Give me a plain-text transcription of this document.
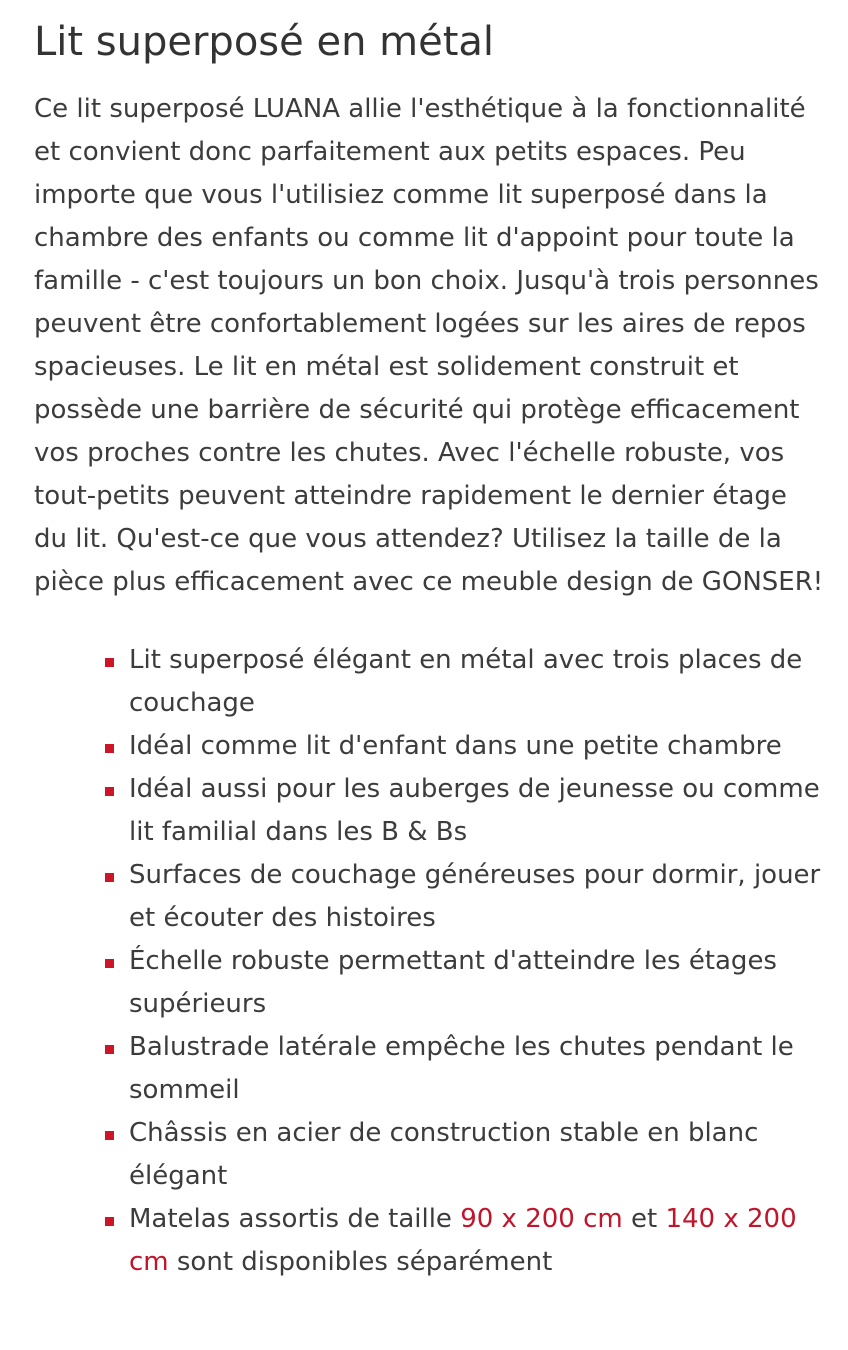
Lit superposé en métal

Ce lit superposé LUANA allie l'esthétique à la fonctionnalité et convient donc parfaitement aux petits espaces. Peu importe que vous l'utilisiez comme lit superposé dans la chambre des enfants ou comme lit d'appoint pour toute la famille - c'est toujours un bon choix. Jusqu'à trois personnes peuvent être confortablement logées sur les aires de repos spacieuses. Le lit en métal est solidement construit et possède une barrière de sécurité qui protège efficacement vos proches contre les chutes. Avec l'échelle robuste, vos tout-petits peuvent atteindre rapidement le dernier étage du lit. Qu'est-ce que vous attendez? Utilisez la taille de la pièce plus efficacement avec ce meuble design de GONSER!

Lit superposé élégant en métal avec trois places de couchage
Idéal comme lit d'enfant dans une petite chambre
Idéal aussi pour les auberges de jeunesse ou comme lit familial dans les B & Bs
Surfaces de couchage généreuses pour dormir, jouer et écouter des histoires
Échelle robuste permettant d'atteindre les étages supérieurs
Balustrade latérale empêche les chutes pendant le sommeil
Châssis en acier de construction stable en blanc élégant
Matelas assortis de taille 90 x 200 cm et 140 x 200 cm sont disponibles séparément
